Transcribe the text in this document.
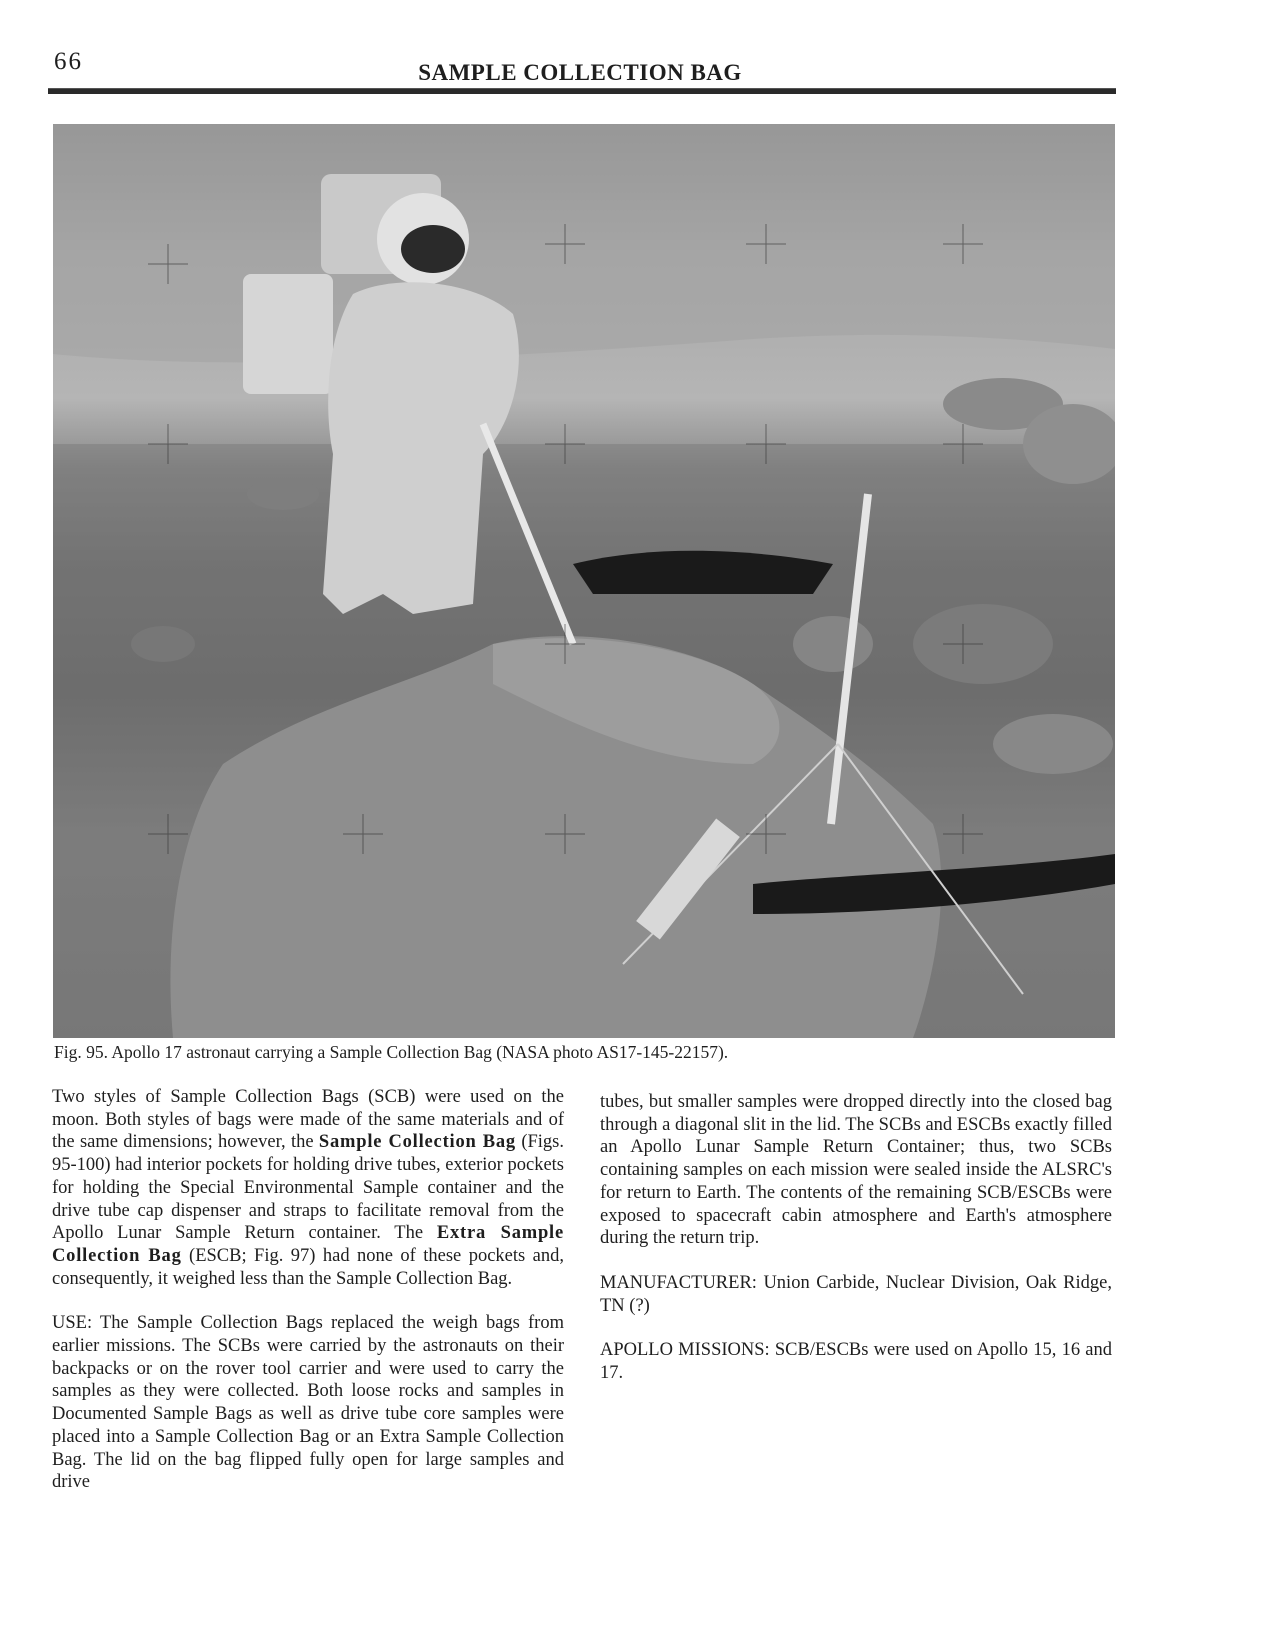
66	SAMPLE COLLECTION BAG
Fig. 95. Apollo 17 astronaut carrying a Sample Collection Bag (NASA photo AS17-145-22157).

Two styles of Sample Collection Bags (SCB) were used on the moon. Both styles of bags were made of the same materials and of the same dimensions; however, the Sample Collection Bag (Figs. 95-100) had interior pockets for holding drive tubes, exterior pockets for holding the Special Environmental Sample container and the drive tube cap dispenser and straps to facilitate removal from the Apollo Lunar Sample Return container. The Extra Sample Collection Bag (ESCB; Fig. 97) had none of these pockets and, consequently, it weighed less than the Sample Collection Bag.

USE: The Sample Collection Bags replaced the weigh bags from earlier missions. The SCBs were carried by the astronauts on their backpacks or on the rover tool carrier and were used to carry the samples as they were collected. Both loose rocks and samples in Documented Sample Bags as well as drive tube core samples were placed into a Sample Collection Bag or an Extra Sample Collection Bag. The lid on the bag flipped fully open for large samples and drive

tubes, but smaller samples were dropped directly into the closed bag through a diagonal slit in the lid. The SCBs and ESCBs exactly filled an Apollo Lunar Sample Return Container; thus, two SCBs containing samples on each mission were sealed inside the ALSRC's for return to Earth. The contents of the remaining SCB/ESCBs were exposed to spacecraft cabin atmosphere and Earth's atmosphere during the return trip.

MANUFACTURER: Union Carbide, Nuclear Division, Oak Ridge, TN (?)

APOLLO MISSIONS: SCB/ESCBs were used on Apollo 15, 16 and 17.
